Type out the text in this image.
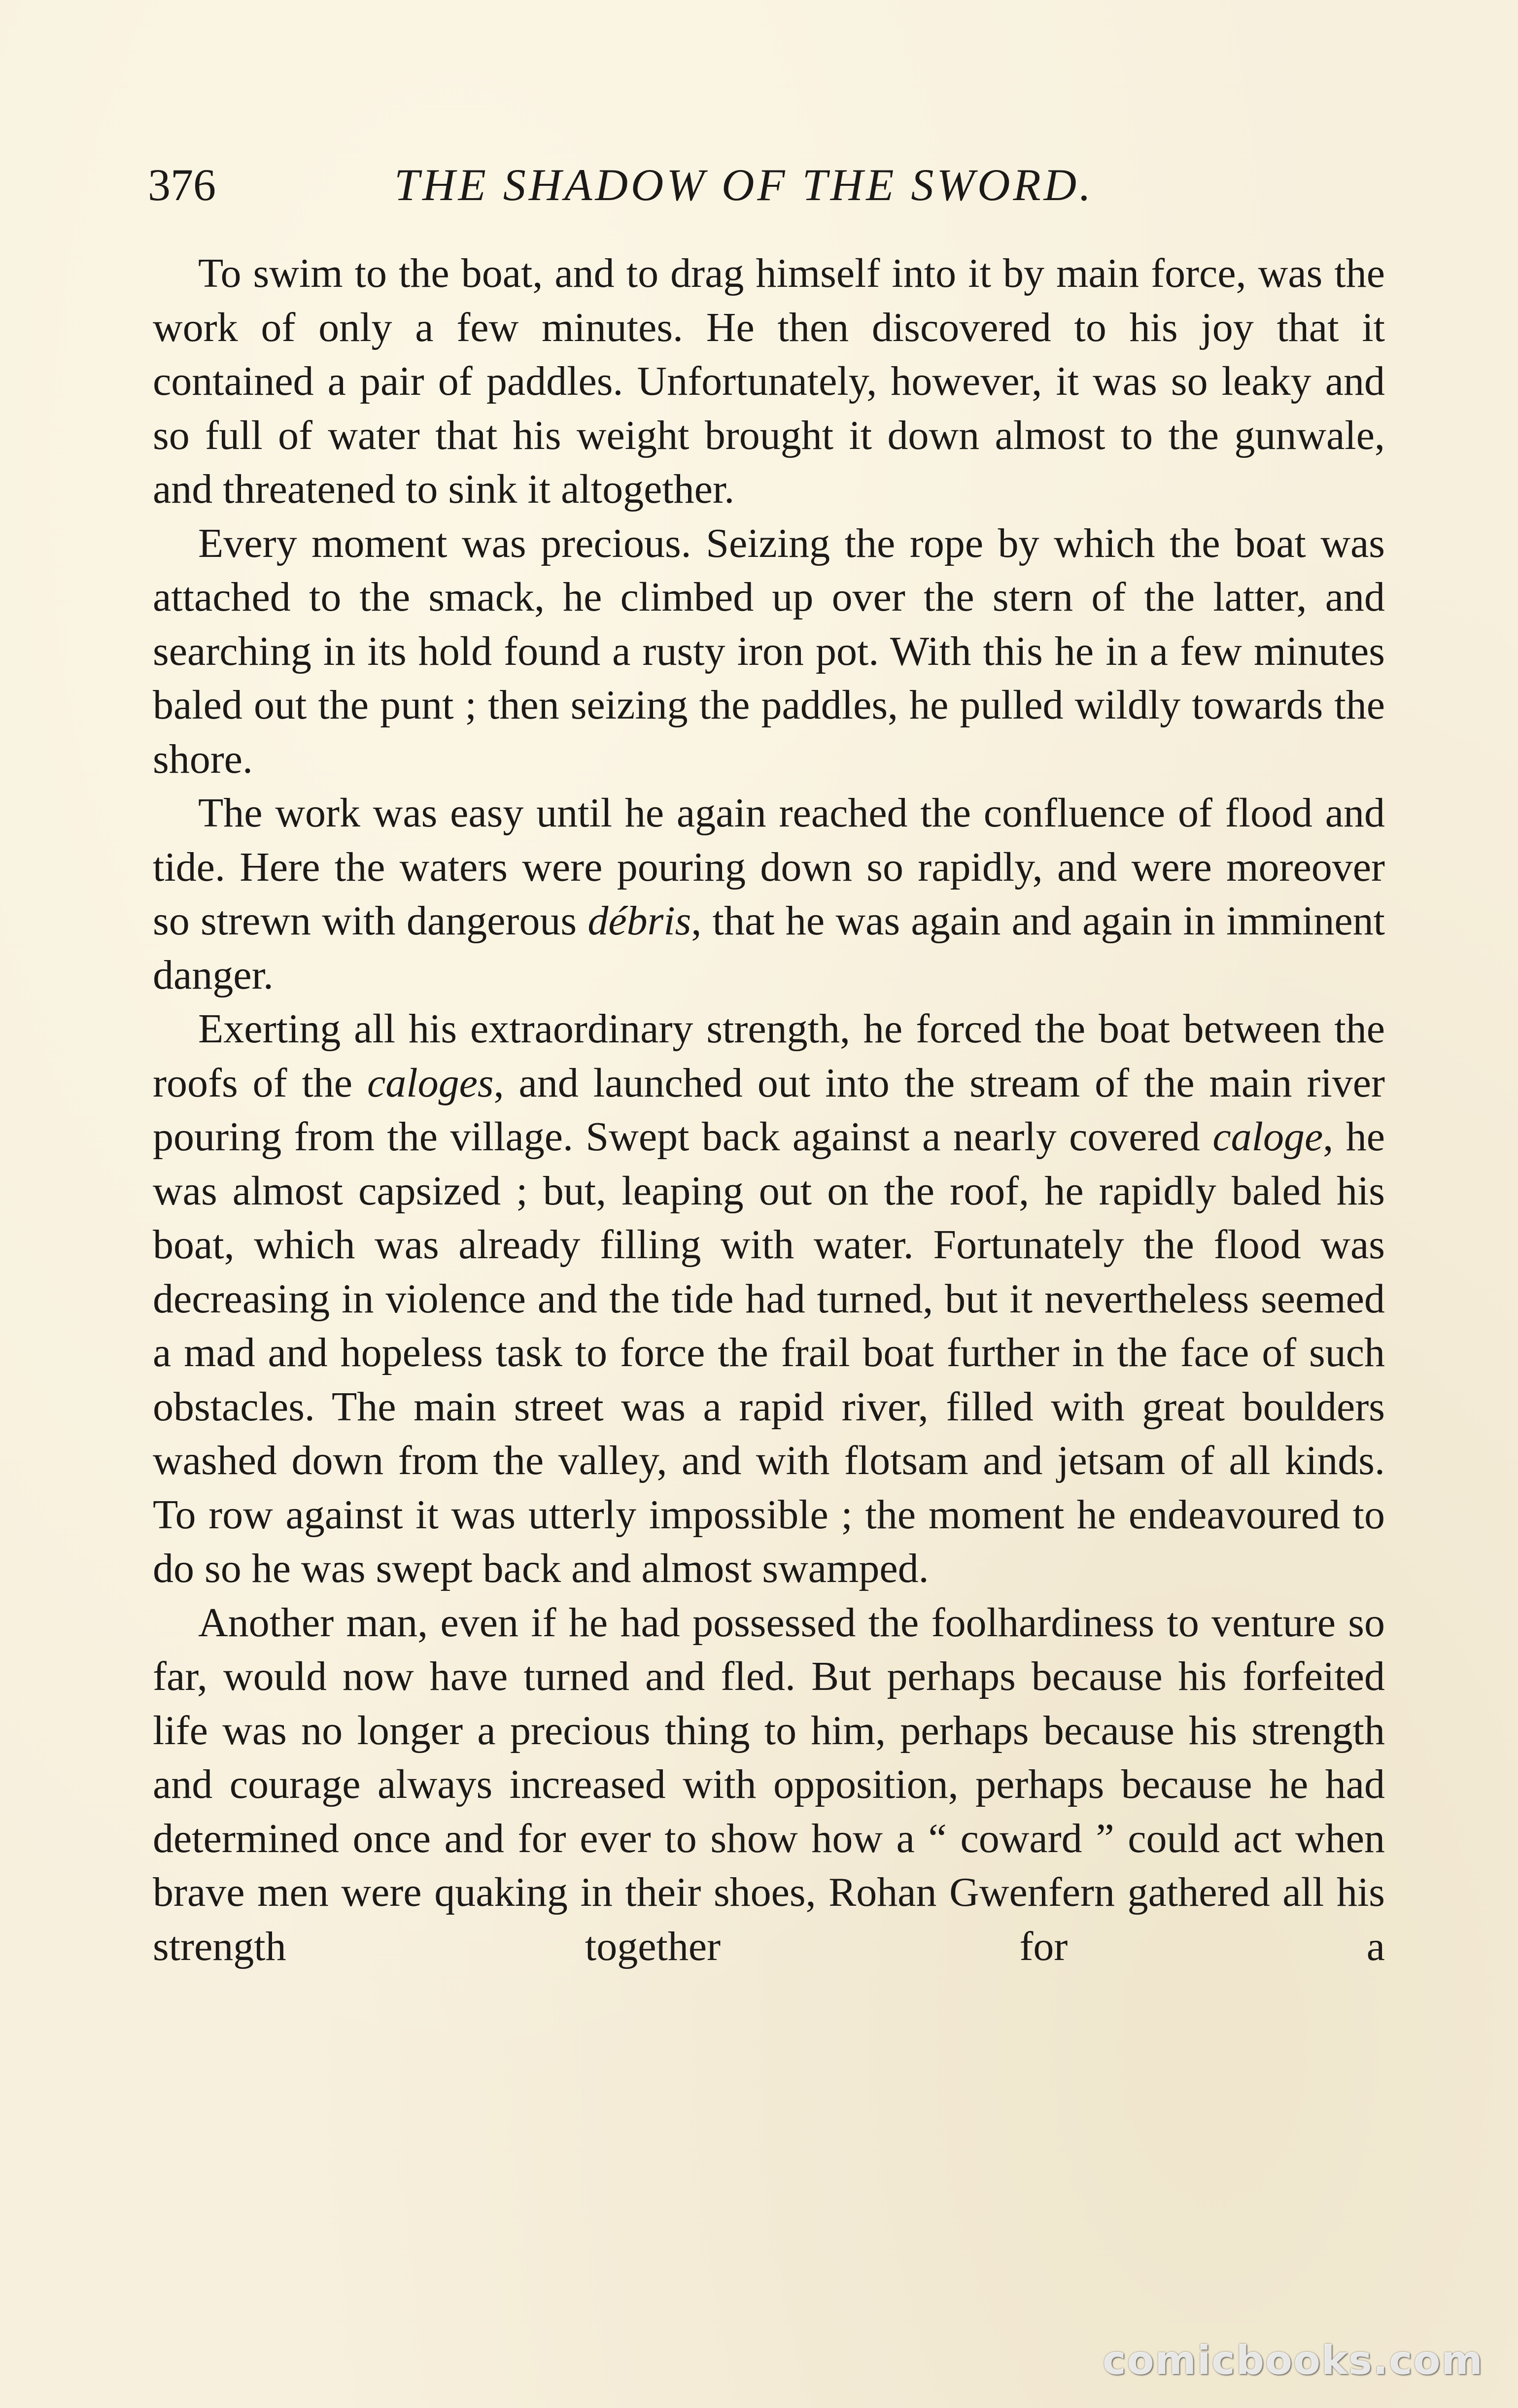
376	THE SHADOW OF THE SWORD.

To swim to the boat, and to drag himself into it by main force, was the work of only a few minutes. He then discovered to his joy that it contained a pair of paddles. Unfortunately, however, it was so leaky and so full of water that his weight brought it down almost to the gunwale, and threatened to sink it altogether.

Every moment was precious. Seizing the rope by which the boat was attached to the smack, he climbed up over the stern of the latter, and searching in its hold found a rusty iron pot. With this he in a few minutes baled out the punt ; then seizing the paddles, he pulled wildly towards the shore.

The work was easy until he again reached the confluence of flood and tide. Here the waters were pouring down so rapidly, and were moreover so strewn with dangerous débris, that he was again and again in imminent danger.

Exerting all his extraordinary strength, he forced the boat between the roofs of the caloges, and launched out into the stream of the main river pouring from the village. Swept back against a nearly covered caloge, he was almost capsized ; but, leaping out on the roof, he rapidly baled his boat, which was already filling with water. Fortunately the flood was decreasing in violence and the tide had turned, but it nevertheless seemed a mad and hopeless task to force the frail boat further in the face of such obstacles. The main street was a rapid river, filled with great boulders washed down from the valley, and with flotsam and jetsam of all kinds. To row against it was utterly impossible ; the moment he endeavoured to do so he was swept back and almost swamped.

Another man, even if he had possessed the foolhardiness to venture so far, would now have turned and fled. But perhaps because his forfeited life was no longer a precious thing to him, perhaps because his strength and courage always increased with opposition, perhaps because he had determined once and for ever to show how a “ coward ” could act when brave men were quaking in their shoes, Rohan Gwenfern gathered all his strength together for a

comicbooks.com
